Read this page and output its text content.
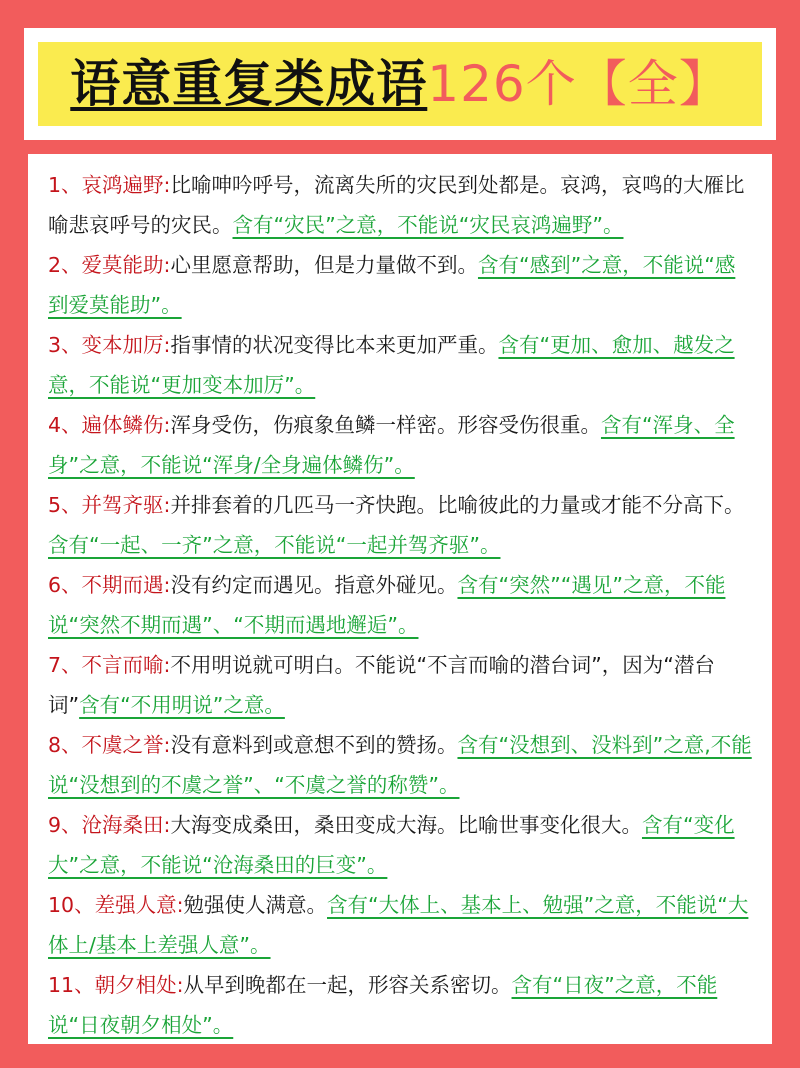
语意重复类成语126个【全】
1、哀鸿遍野:比喻呻吟呼号，流离失所的灾民到处都是。哀鸿，哀鸣的大雁比喻悲哀呼号的灾民。含有“灾民”之意，不能说“灾民哀鸿遍野”。
2、爱莫能助:心里愿意帮助，但是力量做不到。含有“感到”之意，不能说“感到爱莫能助”。
3、变本加厉:指事情的状况变得比本来更加严重。含有“更加、愈加、越发之意，不能说“更加变本加厉”。
4、遍体鳞伤:浑身受伤，伤痕象鱼鳞一样密。形容受伤很重。含有“浑身、全身”之意，不能说“浑身/全身遍体鳞伤”。
5、并驾齐驱:并排套着的几匹马一齐快跑。比喻彼此的力量或才能不分高下。含有“一起、一齐”之意，不能说“一起并驾齐驱”。
6、不期而遇:没有约定而遇见。指意外碰见。含有“突然”“遇见”之意，不能说“突然不期而遇”、“不期而遇地邂逅”。
7、不言而喻:不用明说就可明白。不能说“不言而喻的潜台词”，因为“潜台词”含有“不用明说”之意。
8、不虞之誉:没有意料到或意想不到的赞扬。含有“没想到、没料到”之意,不能说“没想到的不虞之誉”、“不虞之誉的称赞”。
9、沧海桑田:大海变成桑田，桑田变成大海。比喻世事变化很大。含有“变化大”之意，不能说“沧海桑田的巨变”。
10、差强人意:勉强使人满意。含有“大体上、基本上、勉强”之意，不能说“大体上/基本上差强人意”。
11、朝夕相处:从早到晚都在一起，形容关系密切。含有“日夜”之意，不能说“日夜朝夕相处”。
